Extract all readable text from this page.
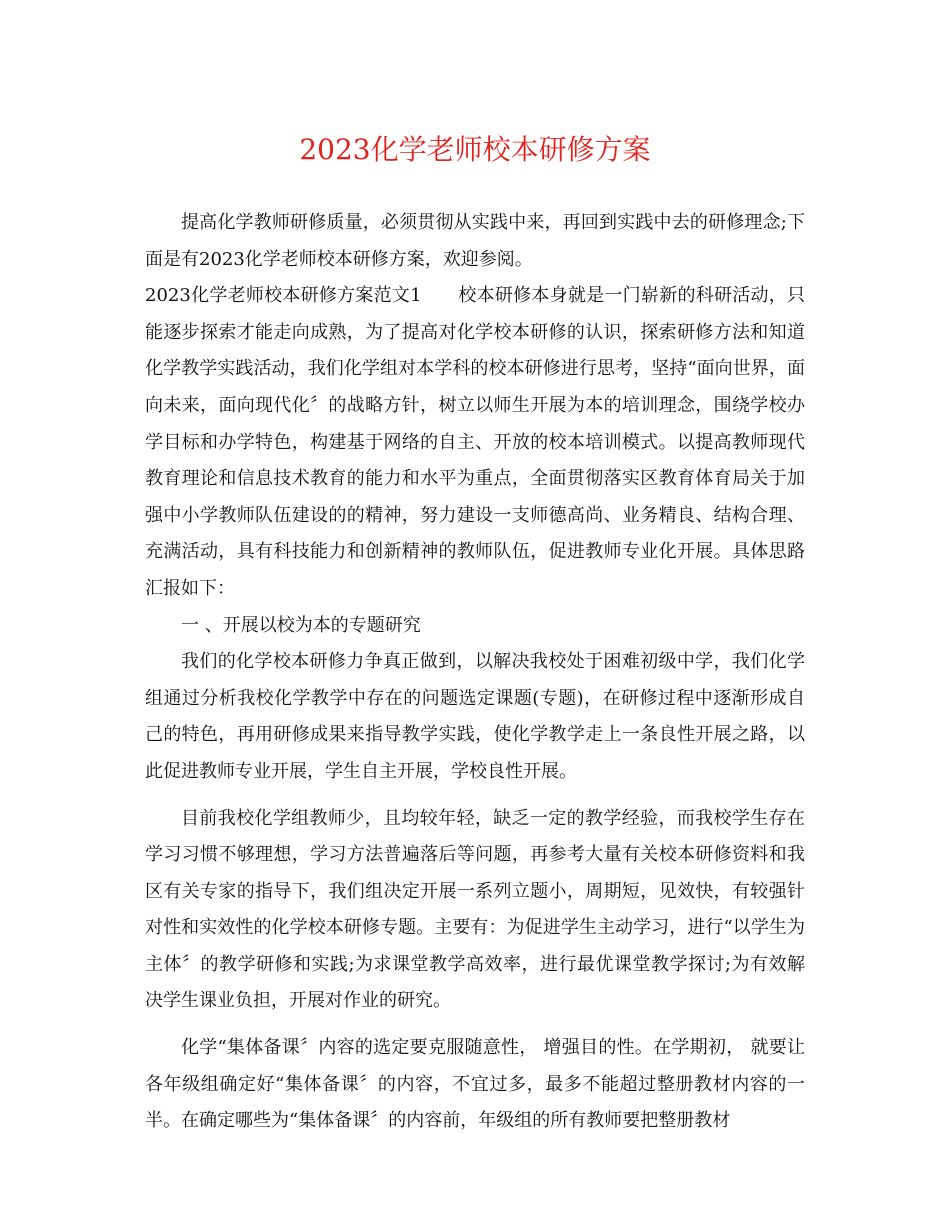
2023化学老师校本研修方案

提高化学教师研修质量，必须贯彻从实践中来，再回到实践中去的研修理念;下面是有2023化学老师校本研修方案，欢迎参阅。

2023化学老师校本研修方案范文1　　校本研修本身就是一门崭新的科研活动，只能逐步探索才能走向成熟，为了提高对化学校本研修的认识，探索研修方法和知道化学教学实践活动，我们化学组对本学科的校本研修进行思考，坚持“面向世界，面向未来，面向现代化〞的战略方针，树立以师生开展为本的培训理念，围绕学校办学目标和办学特色，构建基于网络的自主、开放的校本培训模式。以提高教师现代教育理论和信息技术教育的能力和水平为重点，全面贯彻落实区教育体育局关于加强中小学教师队伍建设的的精神，努力建设一支师德高尚、业务精良、结构合理、充满活动，具有科技能力和创新精神的教师队伍，促进教师专业化开展。具体思路汇报如下：

一 、开展以校为本的专题研究

我们的化学校本研修力争真正做到，以解决我校处于困难初级中学，我们化学组通过分析我校化学教学中存在的问题选定课题(专题)，在研修过程中逐渐形成自己的特色，再用研修成果来指导教学实践，使化学教学走上一条良性开展之路，以此促进教师专业开展，学生自主开展，学校良性开展。

目前我校化学组教师少，且均较年轻，缺乏一定的教学经验，而我校学生存在学习习惯不够理想，学习方法普遍落后等问题，再参考大量有关校本研修资料和我区有关专家的指导下，我们组决定开展一系列立题小，周期短，见效快，有较强针对性和实效性的化学校本研修专题。主要有：为促进学生主动学习，进行“以学生为主体〞的教学研修和实践;为求课堂教学高效率，进行最优课堂教学探讨;为有效解决学生课业负担，开展对作业的研究。

化学“集体备课〞内容的选定要克服随意性， 增强目的性。在学期初， 就要让各年级组确定好“集体备课〞的内容，不宜过多，最多不能超过整册教材内容的一半。在确定哪些为“集体备课〞的内容前，年级组的所有教师要把整册教材
